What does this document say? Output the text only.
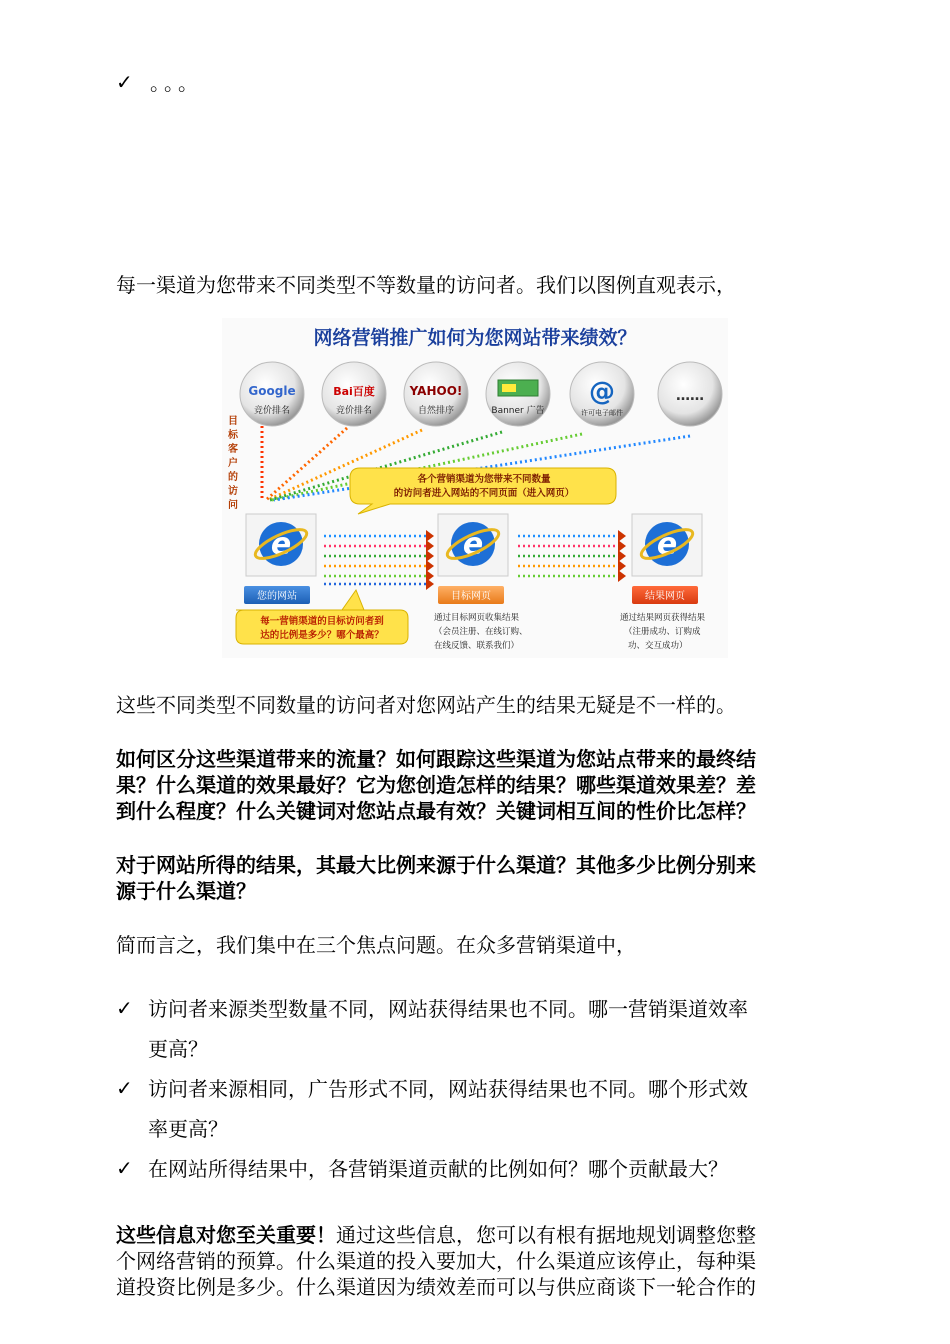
✓ 。。。
每一渠道为您带来不同类型不等数量的访问者。我们以图例直观表示，
网络营销推广如何为您网站带来绩效？
Google
竞价排名
Bai百度
竞价排名
YAHOO!
自然排序	Banner 广告
@
许可电子邮件
……
目
标
客
户
的
访
问
各个营销渠道为您带来不同数量
的访问者进入网站的不同页面（进入网页）
e	e	e
您的网站	目标网页	结果网页
每一营销渠道的目标访问者到
达的比例是多少？哪个最高？
通过目标网页收集结果
（会员注册、在线订购、
在线反馈、联系我们）
通过结果网页获得结果
（注册成功、订购成
功、交互成功）
这些不同类型不同数量的访问者对您网站产生的结果无疑是不一样的。
如何区分这些渠道带来的流量？如何跟踪这些渠道为您站点带来的最终结
果？什么渠道的效果最好？它为您创造怎样的结果？哪些渠道效果差？差
到什么程度？什么关键词对您站点最有效？关键词相互间的性价比怎样？
对于网站所得的结果，其最大比例来源于什么渠道？其他多少比例分别来
源于什么渠道？
简而言之，我们集中在三个焦点问题。在众多营销渠道中，
✓ 访问者来源类型数量不同，网站获得结果也不同。哪一营销渠道效率
更高？
✓ 访问者来源相同，广告形式不同，网站获得结果也不同。哪个形式效
率更高？
✓ 在网站所得结果中，各营销渠道贡献的比例如何？哪个贡献最大？
这些信息对您至关重要！通过这些信息，您可以有根有据地规划调整您整
个网络营销的预算。什么渠道的投入要加大，什么渠道应该停止，每种渠
道投资比例是多少。什么渠道因为绩效差而可以与供应商谈下一轮合作的
